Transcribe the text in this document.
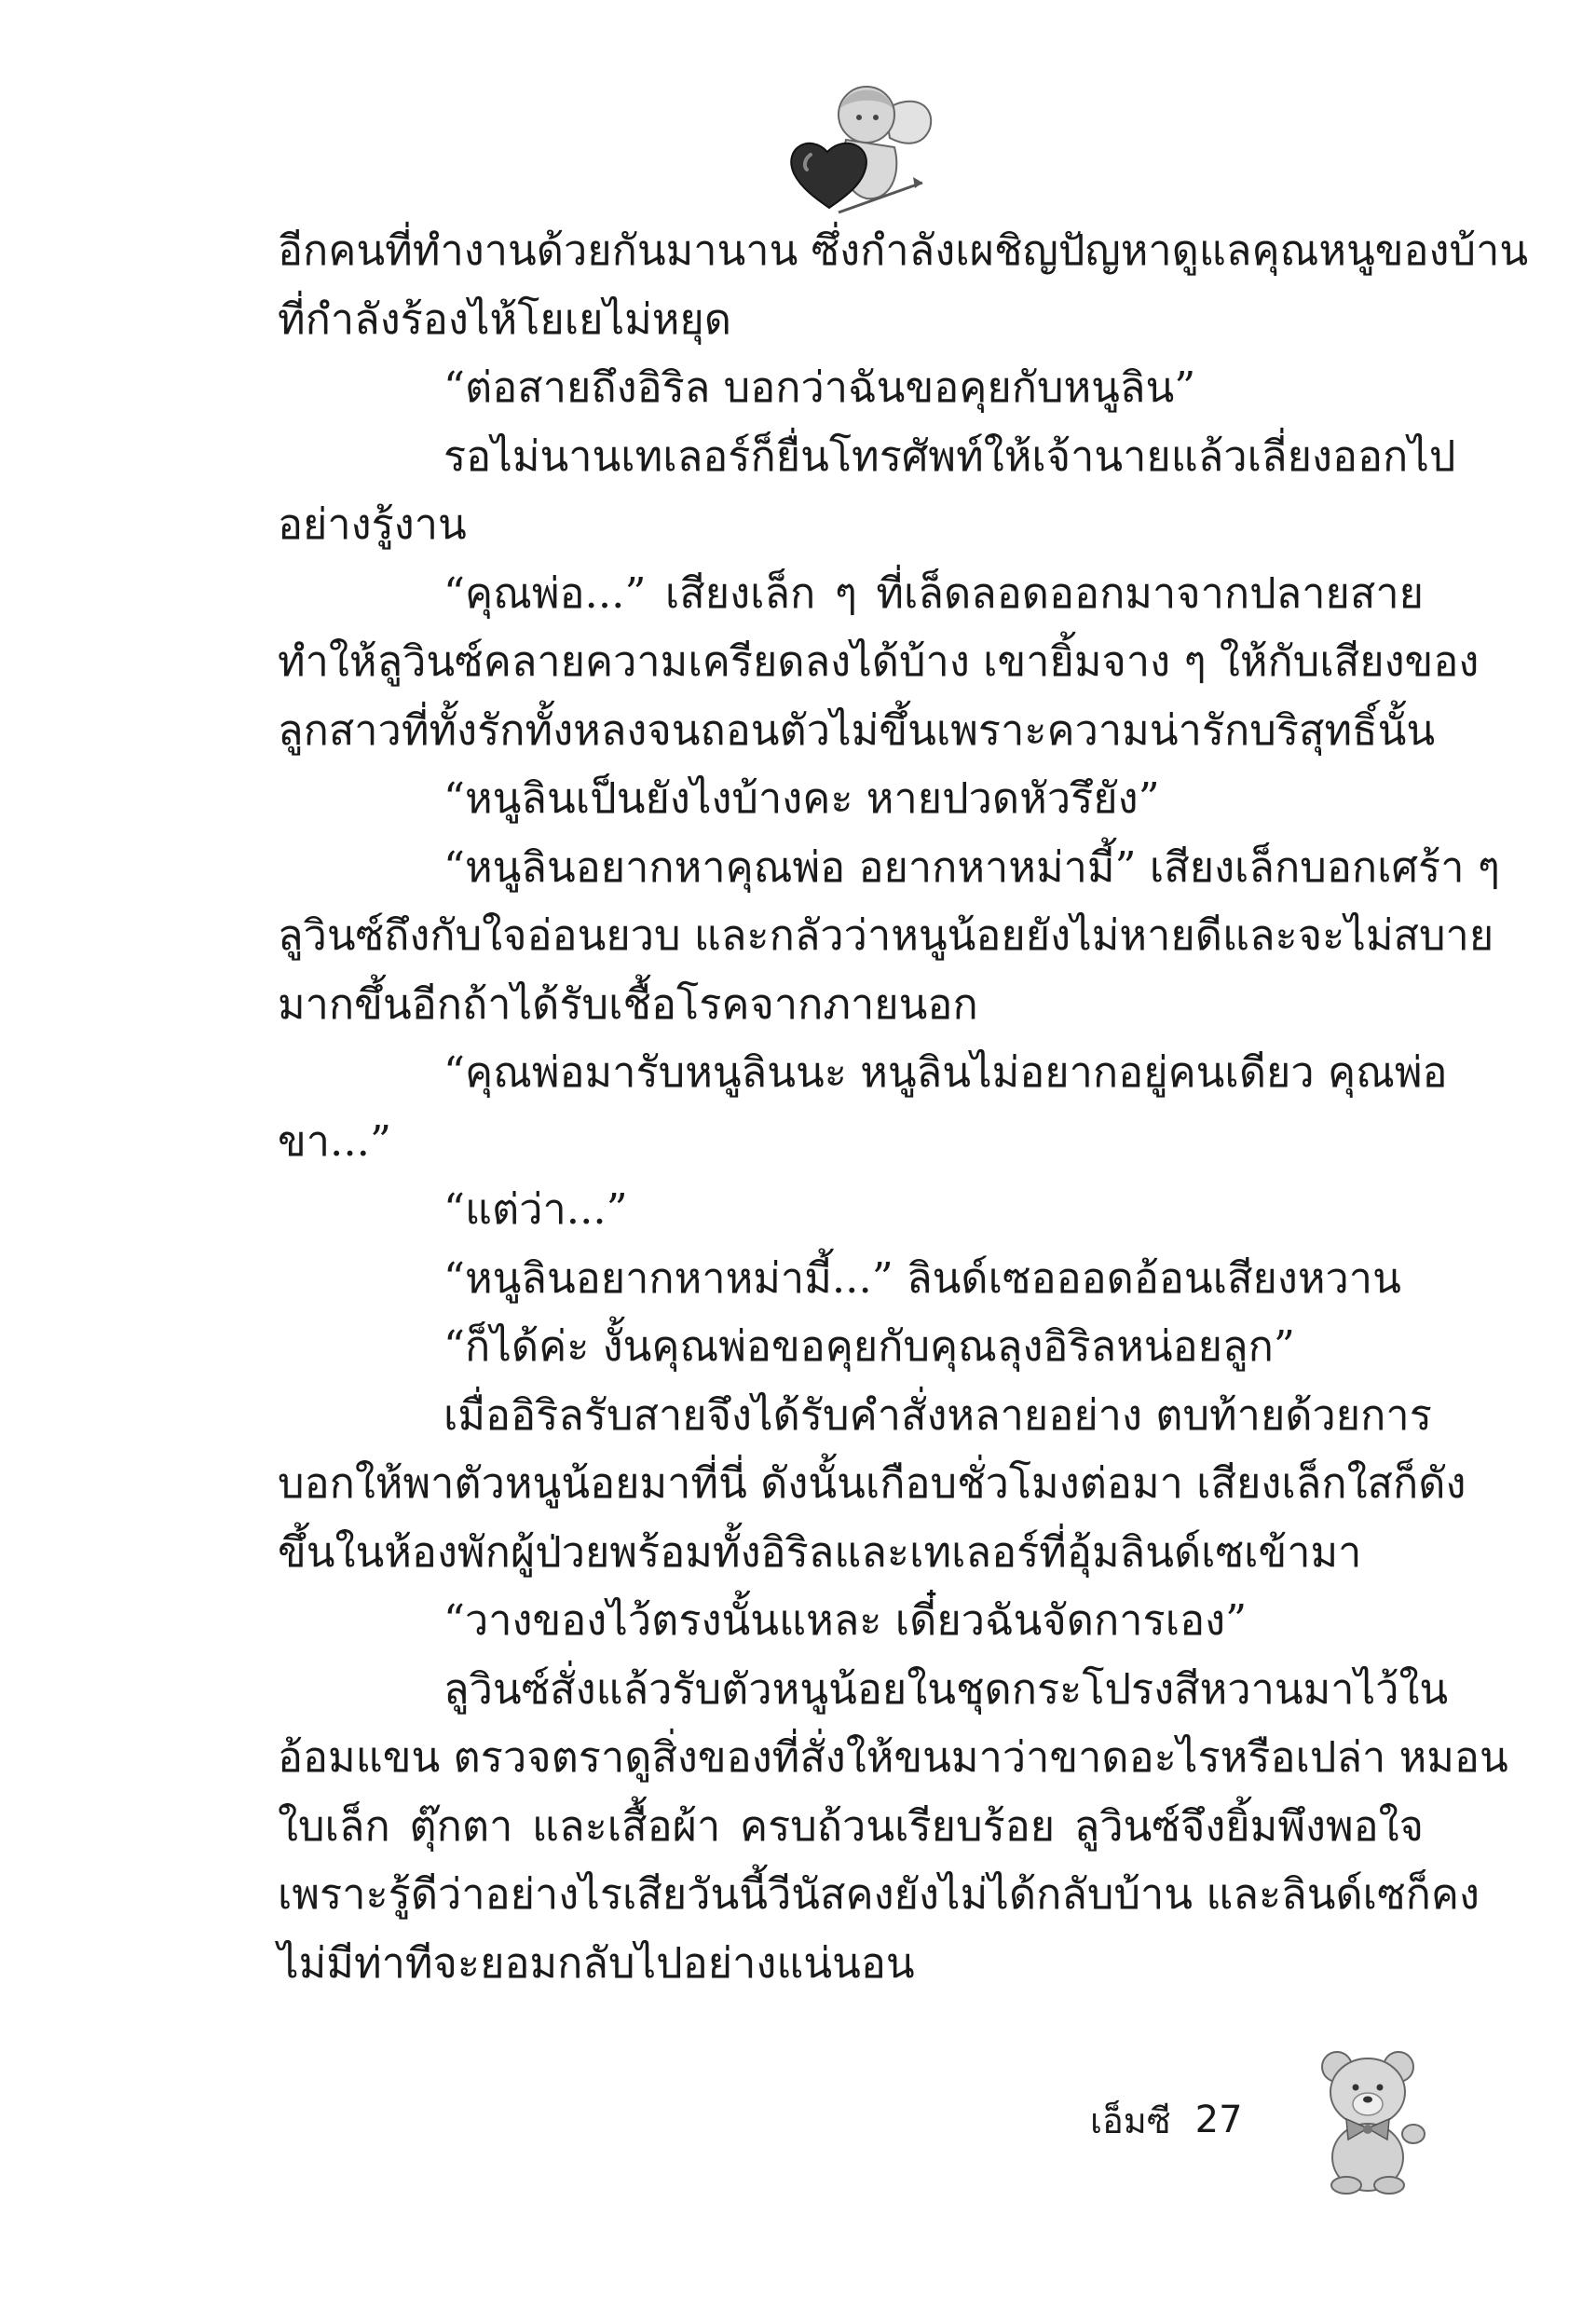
อีกคนที่ทำงานด้วยกันมานาน ซึ่งกำลังเผชิญปัญหาดูแลคุณหนูของบ้าน
ที่กำลังร้องไห้โยเยไม่หยุด
“ต่อสายถึงอิริล บอกว่าฉันขอคุยกับหนูลิน”
รอไม่นานเทเลอร์ก็ยื่นโทรศัพท์ให้เจ้านายแล้วเลี่ยงออกไป
อย่างรู้งาน
“คุณพ่อ...” เสียงเล็ก ๆ ที่เล็ดลอดออกมาจากปลายสาย
ทำให้ลูวินซ์คลายความเครียดลงได้บ้าง เขายิ้มจาง ๆ ให้กับเสียงของ
ลูกสาวที่ทั้งรักทั้งหลงจนถอนตัวไม่ขึ้นเพราะความน่ารักบริสุทธิ์นั้น
“หนูลินเป็นยังไงบ้างคะ หายปวดหัวรึยัง”
“หนูลินอยากหาคุณพ่อ อยากหาหม่ามี้” เสียงเล็กบอกเศร้า ๆ
ลูวินซ์ถึงกับใจอ่อนยวบ และกลัวว่าหนูน้อยยังไม่หายดีและจะไม่สบาย
มากขึ้นอีกถ้าได้รับเชื้อโรคจากภายนอก
“คุณพ่อมารับหนูลินนะ หนูลินไม่อยากอยู่คนเดียว คุณพ่อ
ขา...”
“แต่ว่า...”
“หนูลินอยากหาหม่ามี้...” ลินด์เซอออดอ้อนเสียงหวาน
“ก็ได้ค่ะ งั้นคุณพ่อขอคุยกับคุณลุงอิริลหน่อยลูก”
เมื่ออิริลรับสายจึงได้รับคำสั่งหลายอย่าง ตบท้ายด้วยการ
บอกให้พาตัวหนูน้อยมาที่นี่ ดังนั้นเกือบชั่วโมงต่อมา เสียงเล็กใสก็ดัง
ขึ้นในห้องพักผู้ป่วยพร้อมทั้งอิริลและเทเลอร์ที่อุ้มลินด์เซเข้ามา
“วางของไว้ตรงนั้นแหละ เดี๋ยวฉันจัดการเอง”
ลูวินซ์สั่งแล้วรับตัวหนูน้อยในชุดกระโปรงสีหวานมาไว้ใน
อ้อมแขน ตรวจตราดูสิ่งของที่สั่งให้ขนมาว่าขาดอะไรหรือเปล่า หมอน
ใบเล็ก ตุ๊กตา และเสื้อผ้า ครบถ้วนเรียบร้อย ลูวินซ์จึงยิ้มพึงพอใจ
เพราะรู้ดีว่าอย่างไรเสียวันนี้วีนัสคงยังไม่ได้กลับบ้าน และลินด์เซก็คง
ไม่มีท่าทีจะยอมกลับไปอย่างแน่นอน
เอ็มซี 27
